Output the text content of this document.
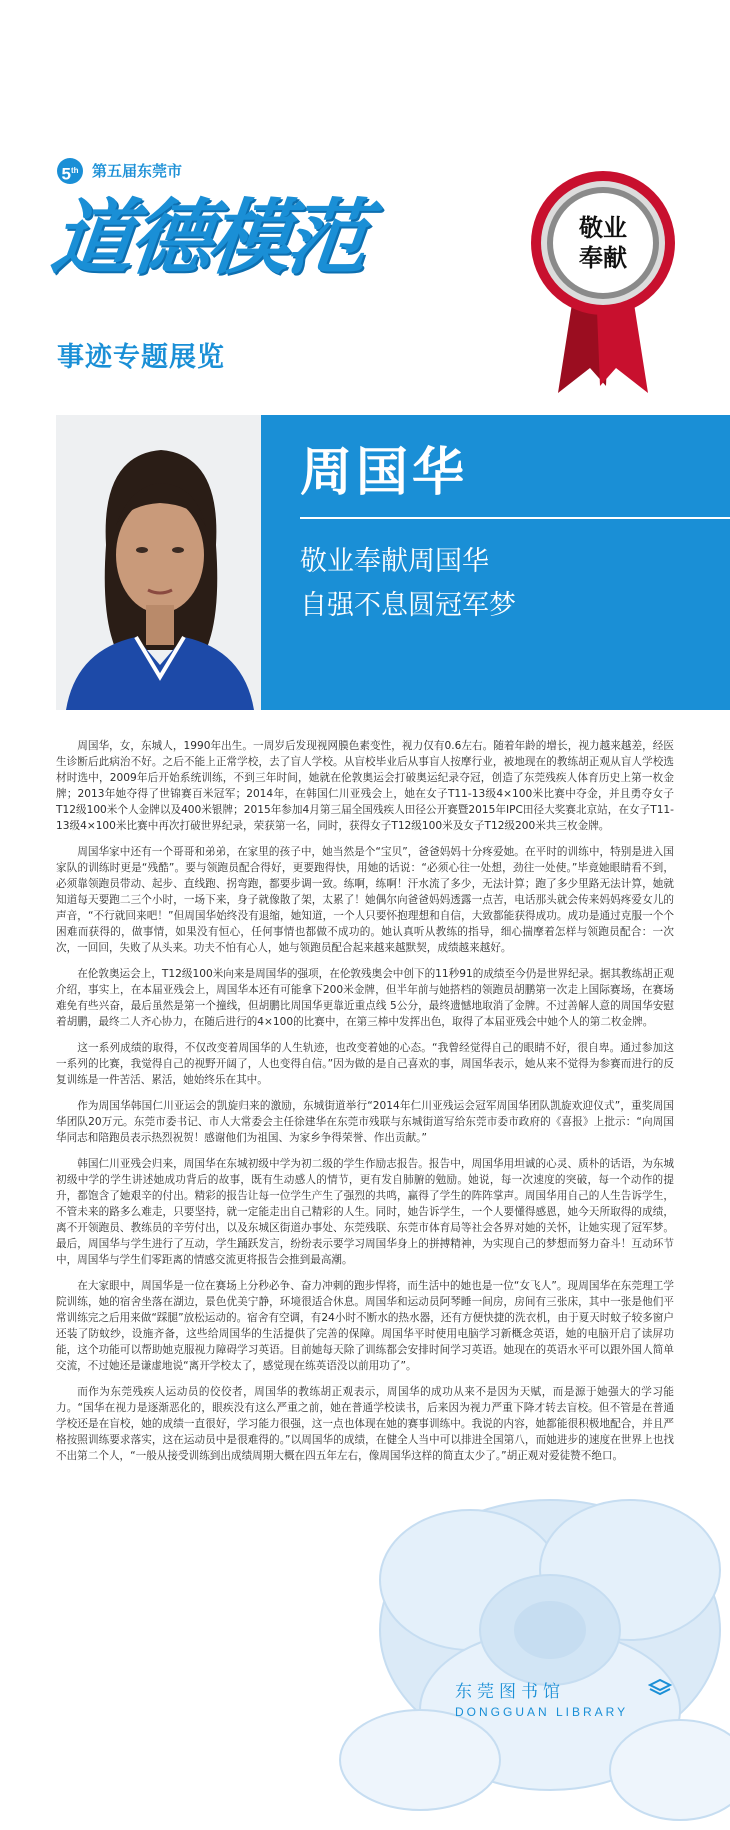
5th 第五届东莞市
道德模范
事迹专题展览
敬业
奉献
周国华
敬业奉献周国华
自强不息圆冠军梦

周国华，女，东城人，1990年出生。一周岁后发现视网膜色素变性，视力仅有0.6左右。随着年龄的增长，视力越来越差，经医生诊断后此病治不好。之后不能上正常学校，去了盲人学校。从盲校毕业后从事盲人按摩行业，被地现在的教练胡正观从盲人学校选材时选中，2009年后开始系统训练，不到三年时间，她就在伦敦奥运会打破奥运纪录夺冠，创造了东莞残疾人体育历史上第一枚金牌；2013年她夺得了世锦赛百米冠军；2014年，在韩国仁川亚残会上，她在女子T11-13级4×100米比赛中夺金，并且勇夺女子T12级100米个人金牌以及400米银牌；2015年参加4月第三届全国残疾人田径公开赛暨2015年IPC田径大奖赛北京站，在女子T11-13级4×100米比赛中再次打破世界纪录，荣获第一名，同时，获得女子T12级100米及女子T12级200米共三枚金牌。

周国华家中还有一个哥哥和弟弟，在家里的孩子中，她当然是个“宝贝”，爸爸妈妈十分疼爱她。在平时的训练中，特别是进入国家队的训练时更是“残酷”。要与领跑员配合得好，更要跑得快，用她的话说：“必须心往一处想，劲往一处使。”毕竟她眼睛看不到，必须靠领跑员带动、起步、直线跑、拐弯跑，都要步调一致。练啊，练啊！汗水流了多少，无法计算；跑了多少里路无法计算，她就知道每天要跑二三个小时，一场下来，身子就像散了架，太累了！她偶尔向爸爸妈妈透露一点苦，电话那头就会传来妈妈疼爱女儿的声音，“不行就回来吧！”但周国华始终没有退缩，她知道，一个人只要怀抱理想和自信，大致都能获得成功。成功是通过克服一个个困难而获得的，做事情，如果没有恒心，任何事情也都做不成功的。她认真听从教练的指导，细心揣摩着怎样与领跑员配合：一次次，一回回，失败了从头来。功夫不怕有心人，她与领跑员配合起来越来越默契，成绩越来越好。

在伦敦奥运会上，T12级100米向来是周国华的强项，在伦敦残奥会中创下的11秒91的成绩至今仍是世界纪录。据其教练胡正观介绍，事实上，在本届亚残会上，周国华本还有可能拿下200米金牌，但半年前与她搭档的领跑员胡鹏第一次走上国际赛场，在赛场难免有些兴奋，最后虽然是第一个撞线，但胡鹏比周国华更靠近重点线 5公分，最终遗憾地取消了金牌。不过善解人意的周国华安慰着胡鹏，最终二人齐心协力，在随后进行的4×100的比赛中，在第三棒中发挥出色，取得了本届亚残会中她个人的第二枚金牌。

这一系列成绩的取得，不仅改变着周国华的人生轨迹，也改变着她的心态。“我曾经觉得自己的眼睛不好，很自卑。通过参加这一系列的比赛，我觉得自己的视野开阔了，人也变得自信。”因为做的是自己喜欢的事，周国华表示，她从来不觉得为参赛而进行的反复训练是一件苦活、累活，她始终乐在其中。

作为周国华韩国仁川亚运会的凯旋归来的激励，东城街道举行“2014年仁川亚残运会冠军周国华团队凯旋欢迎仪式”，重奖周国华团队20万元。东莞市委书记、市人大常委会主任徐建华在东莞市残联与东城街道写给东莞市委市政府的《喜报》上批示：“向周国华同志和陪跑员表示热烈祝贺！感谢他们为祖国、为家乡争得荣誉、作出贡献。”

韩国仁川亚残会归来，周国华在东城初级中学为初二级的学生作励志报告。报告中，周国华用坦诚的心灵、质朴的话语，为东城初级中学的学生讲述她成功背后的故事，既有生动感人的情节，更有发自肺腑的勉励。她说，每一次速度的突破，每一个动作的提升，都饱含了她艰辛的付出。精彩的报告让每一位学生产生了强烈的共鸣，赢得了学生的阵阵掌声。周国华用自己的人生告诉学生，不管未来的路多么难走，只要坚持，就一定能走出自己精彩的人生。同时，她告诉学生，一个人要懂得感恩，她今天所取得的成绩，离不开领跑员、教练员的辛劳付出，以及东城区街道办事处、东莞残联、东莞市体育局等社会各界对她的关怀，让她实现了冠军梦。最后，周国华与学生进行了互动，学生踊跃发言，纷纷表示要学习周国华身上的拼搏精神，为实现自己的梦想而努力奋斗！互动环节中，周国华与学生们零距离的情感交流更将报告会推到最高潮。

在大家眼中，周国华是一位在赛场上分秒必争、奋力冲刺的跑步悍将，而生活中的她也是一位“女飞人”。现周国华在东莞理工学院训练，她的宿舍坐落在湖边，景色优美宁静，环境很适合休息。周国华和运动员阿琴睡一间房，房间有三张床，其中一张是他们平常训练完之后用来做“踩腿”放松运动的。宿舍有空调，有24小时不断水的热水器，还有方便快捷的洗衣机，由于夏天时蚊子较多窗户还装了防蚊纱，设施齐备，这些给周国华的生活提供了完善的保障。周国华平时使用电脑学习新概念英语，她的电脑开启了读屏功能，这个功能可以帮助她克服视力障碍学习英语。目前她每天除了训练都会安排时间学习英语。她现在的英语水平可以跟外国人简单交流，不过她还是谦虚地说“离开学校太了，感觉现在练英语没以前用功了”。

而作为东莞残疾人运动员的佼佼者，周国华的教练胡正观表示，周国华的成功从来不是因为天赋，而是源于她强大的学习能力。“国华在视力是逐渐恶化的，眼疾没有这么严重之前，她在普通学校读书，后来因为视力严重下降才转去盲校。但不管是在普通学校还是在盲校，她的成绩一直很好，学习能力很强，这一点也体现在她的赛事训练中。我说的内容，她都能很积极地配合，并且严格按照训练要求落实，这在运动员中是很难得的。”以周国华的成绩，在健全人当中可以排进全国第八，而她进步的速度在世界上也找不出第二个人，“一般从接受训练到出成绩周期大概在四五年左右，像周国华这样的简直太少了。”胡正观对爱徒赞不绝口。

东莞图书馆
DONGGUAN LIBRARY
